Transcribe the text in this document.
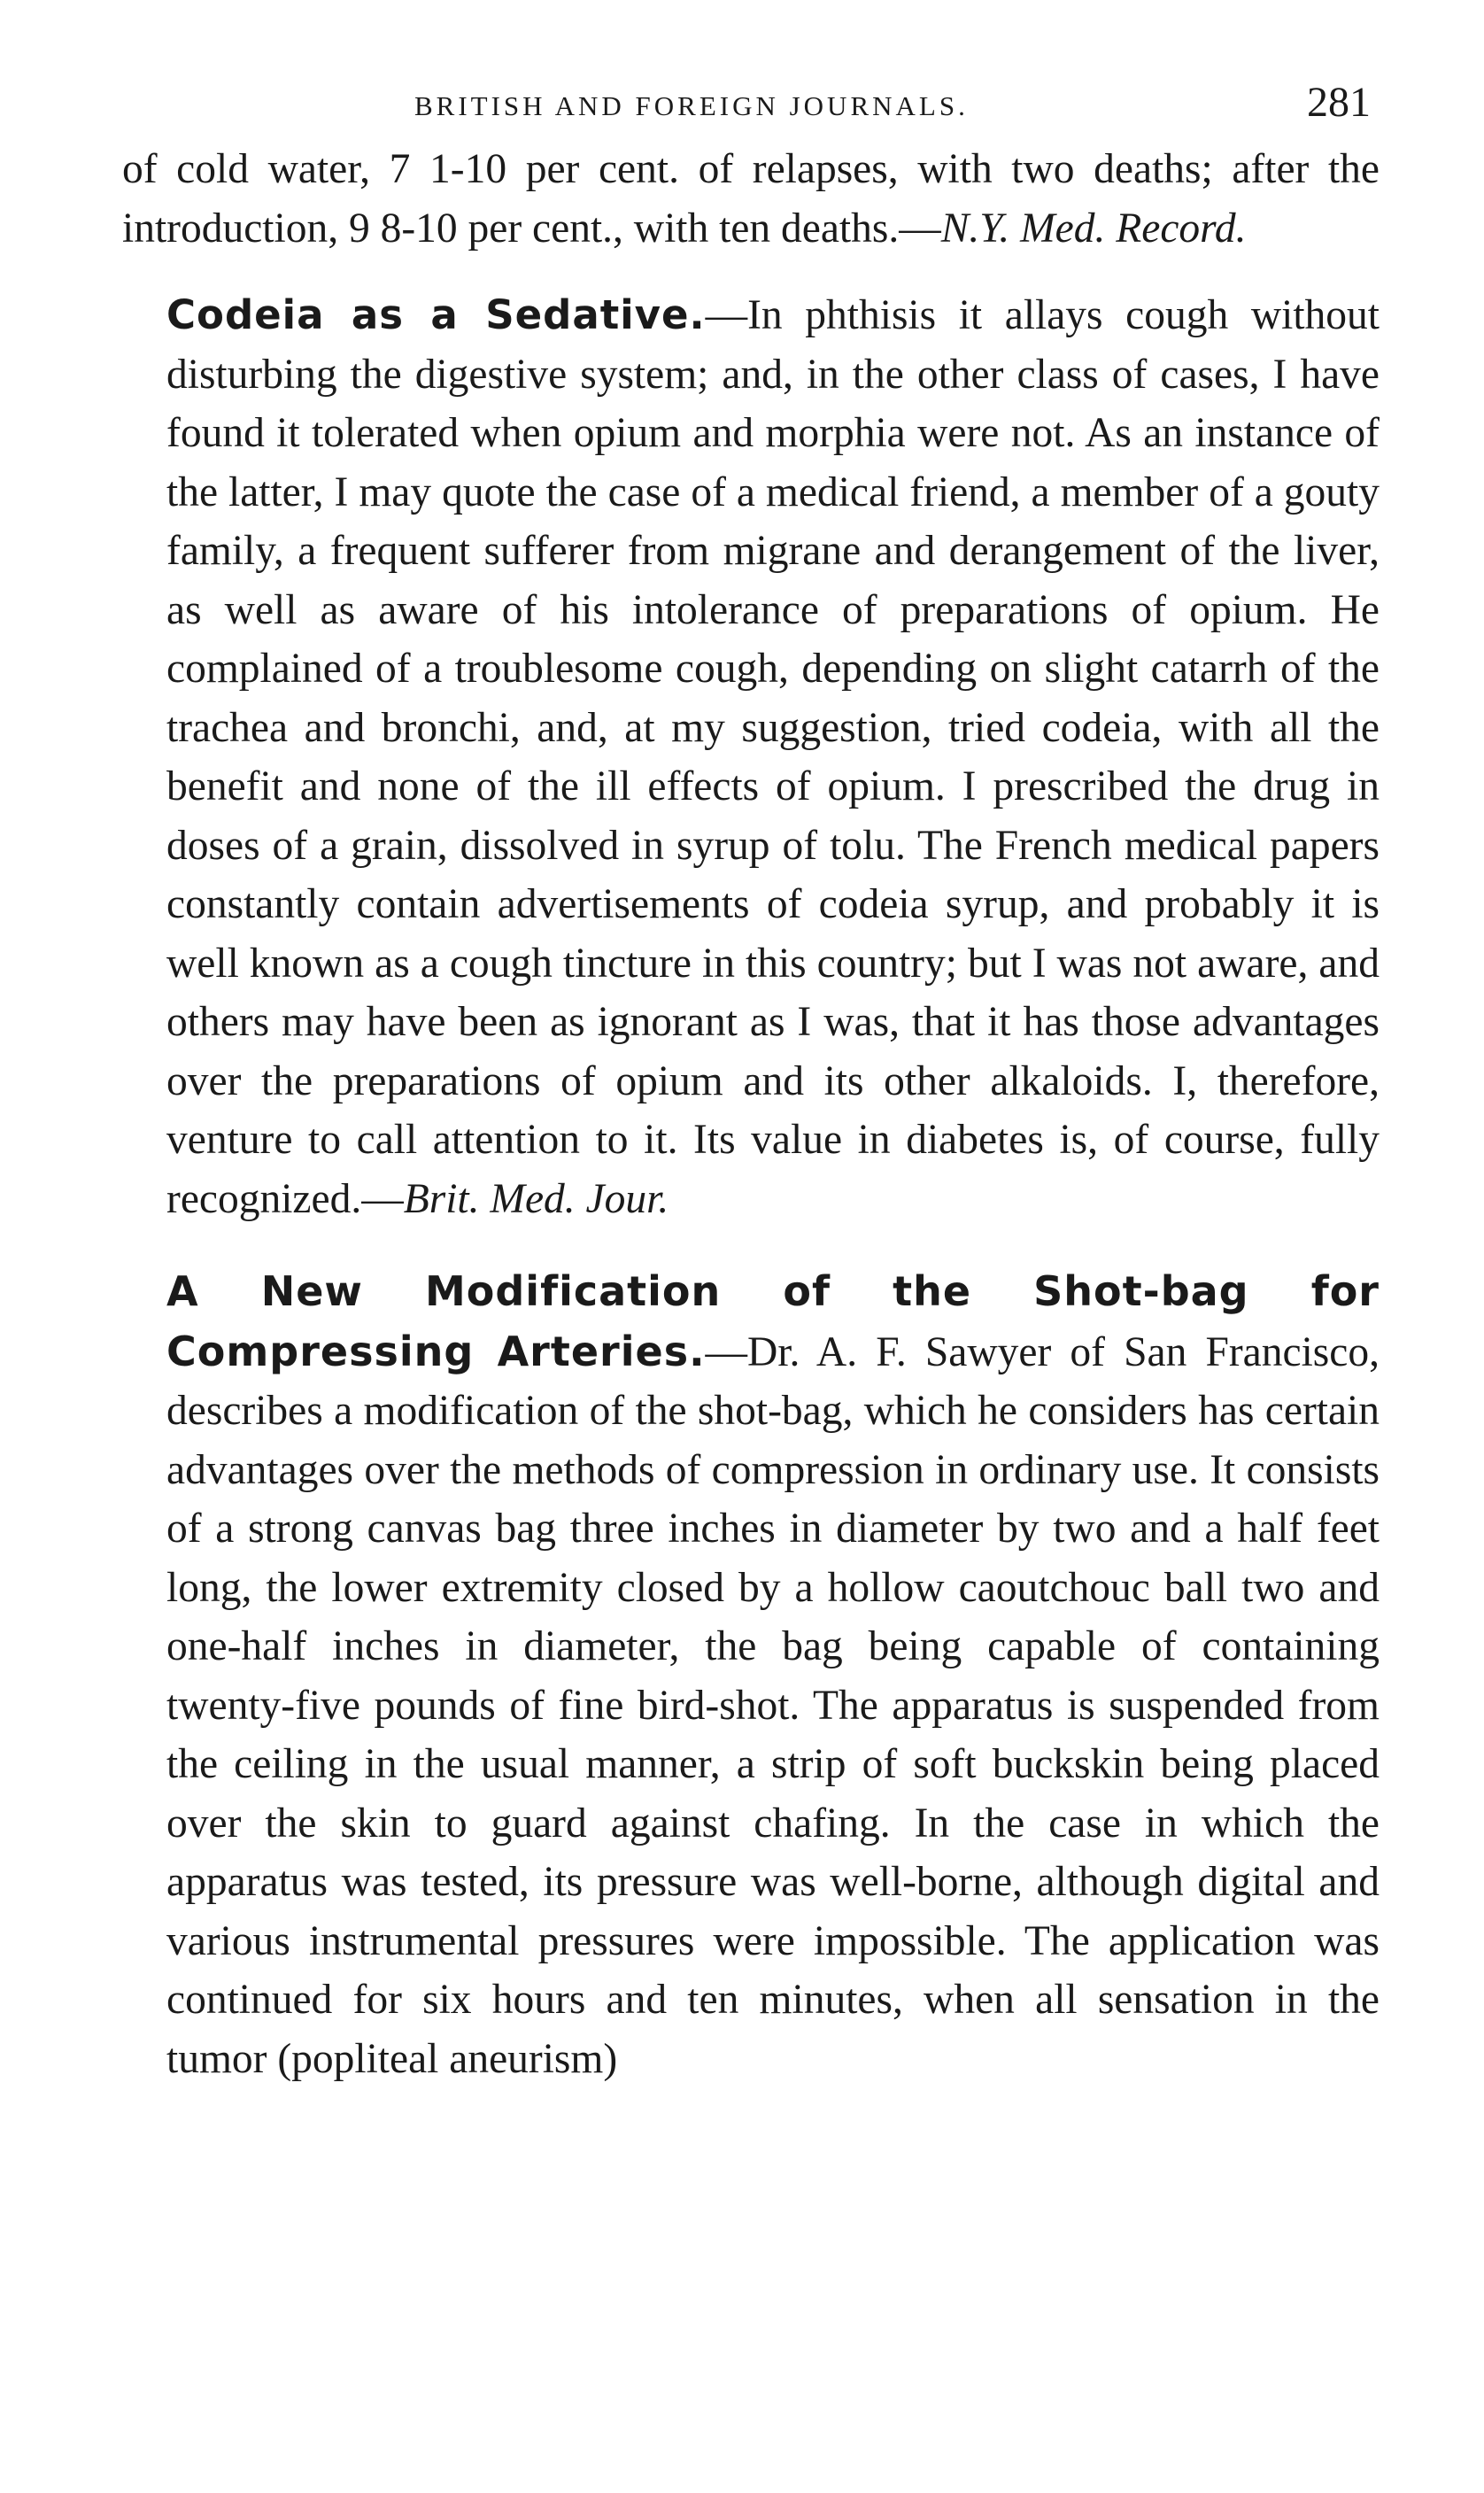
BRITISH AND FOREIGN JOURNALS.	281

of cold water, 7 1-10 per cent. of relapses, with two deaths; after the introduction, 9 8-10 per cent., with ten deaths.—N.Y. Med. Record.

Codeia as a Sedative.—In phthisis it allays cough without disturbing the digestive system; and, in the other class of cases, I have found it tolerated when opium and morphia were not. As an instance of the latter, I may quote the case of a medical friend, a member of a gouty family, a frequent sufferer from migrane and derangement of the liver, as well as aware of his intolerance of preparations of opium. He complained of a troublesome cough, depending on slight catarrh of the trachea and bronchi, and, at my suggestion, tried codeia, with all the benefit and none of the ill effects of opium. I prescribed the drug in doses of a grain, dissolved in syrup of tolu. The French medical papers constantly contain advertisements of codeia syrup, and probably it is well known as a cough tincture in this country; but I was not aware, and others may have been as ignorant as I was, that it has those advantages over the preparations of opium and its other alkaloids. I, therefore, venture to call attention to it. Its value in diabetes is, of course, fully recognized.—Brit. Med. Jour.

A New Modification of the Shot-bag for Compressing Arteries.—Dr. A. F. Sawyer of San Francisco, describes a modification of the shot-bag, which he considers has certain advantages over the methods of compression in ordinary use. It consists of a strong canvas bag three inches in diameter by two and a half feet long, the lower extremity closed by a hollow caoutchouc ball two and one-half inches in diameter, the bag being capable of containing twenty-five pounds of fine bird-shot. The apparatus is suspended from the ceiling in the usual manner, a strip of soft buckskin being placed over the skin to guard against chafing. In the case in which the apparatus was tested, its pressure was well-borne, although digital and various instrumental pressures were impossible. The application was continued for six hours and ten minutes, when all sensation in the tumor (popliteal aneurism)
